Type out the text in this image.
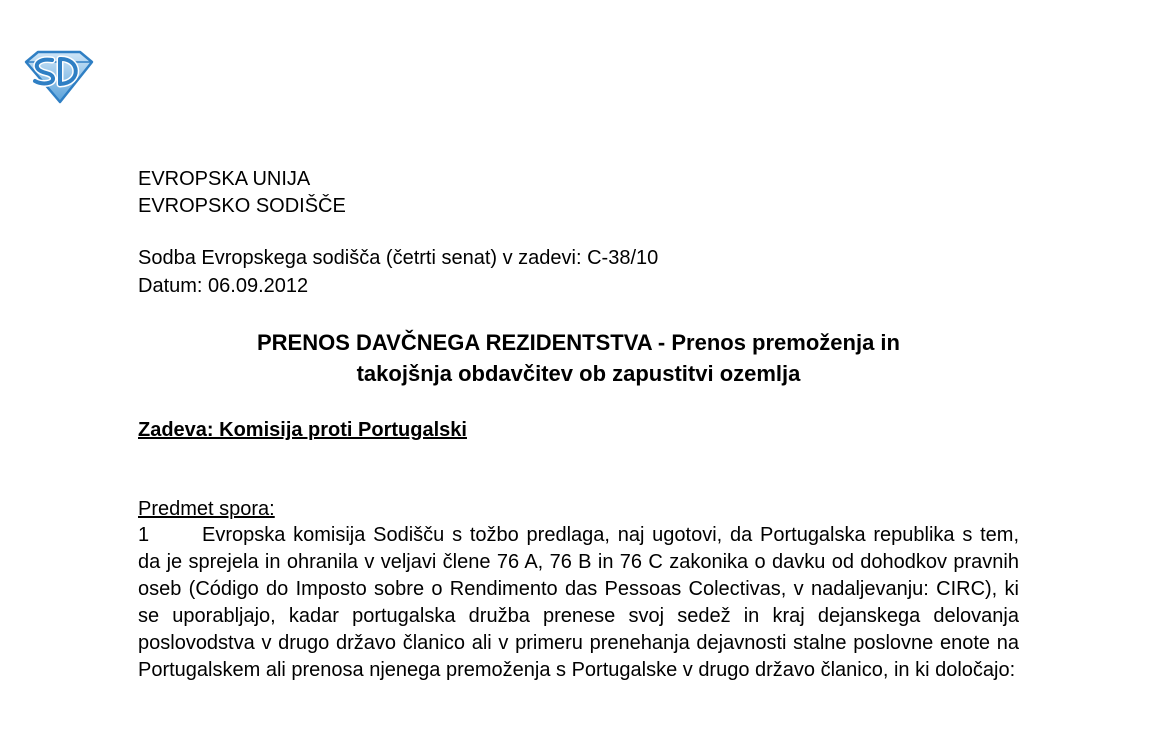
EVROPSKA UNIJA
EVROPSKO SODIŠČE
Sodba Evropskega sodišča (četrti senat) v zadevi: C-38/10
Datum: 06.09.2012
PRENOS DAVČNEGA REZIDENTSTVA - Prenos premoženja in
takojšnja obdavčitev ob zapustitvi ozemlja
Zadeva: Komisija proti Portugalski
Predmet spora:

1	Evropska komisija Sodišču s tožbo predlaga, naj ugotovi, da Portugalska republika s tem, da je sprejela in ohranila v veljavi člene 76 A, 76 B in 76 C zakonika o davku od dohodkov pravnih oseb (Código do Imposto sobre o Rendimento das Pessoas Colectivas, v nadaljevanju: CIRC), ki se uporabljajo, kadar portugalska družba prenese svoj sedež in kraj dejanskega delovanja poslovodstva v drugo državo članico ali v primeru prenehanja dejavnosti stalne poslovne enote na Portugalskem ali prenosa njenega premoženja s Portugalske v drugo državo članico, in ki določajo:
